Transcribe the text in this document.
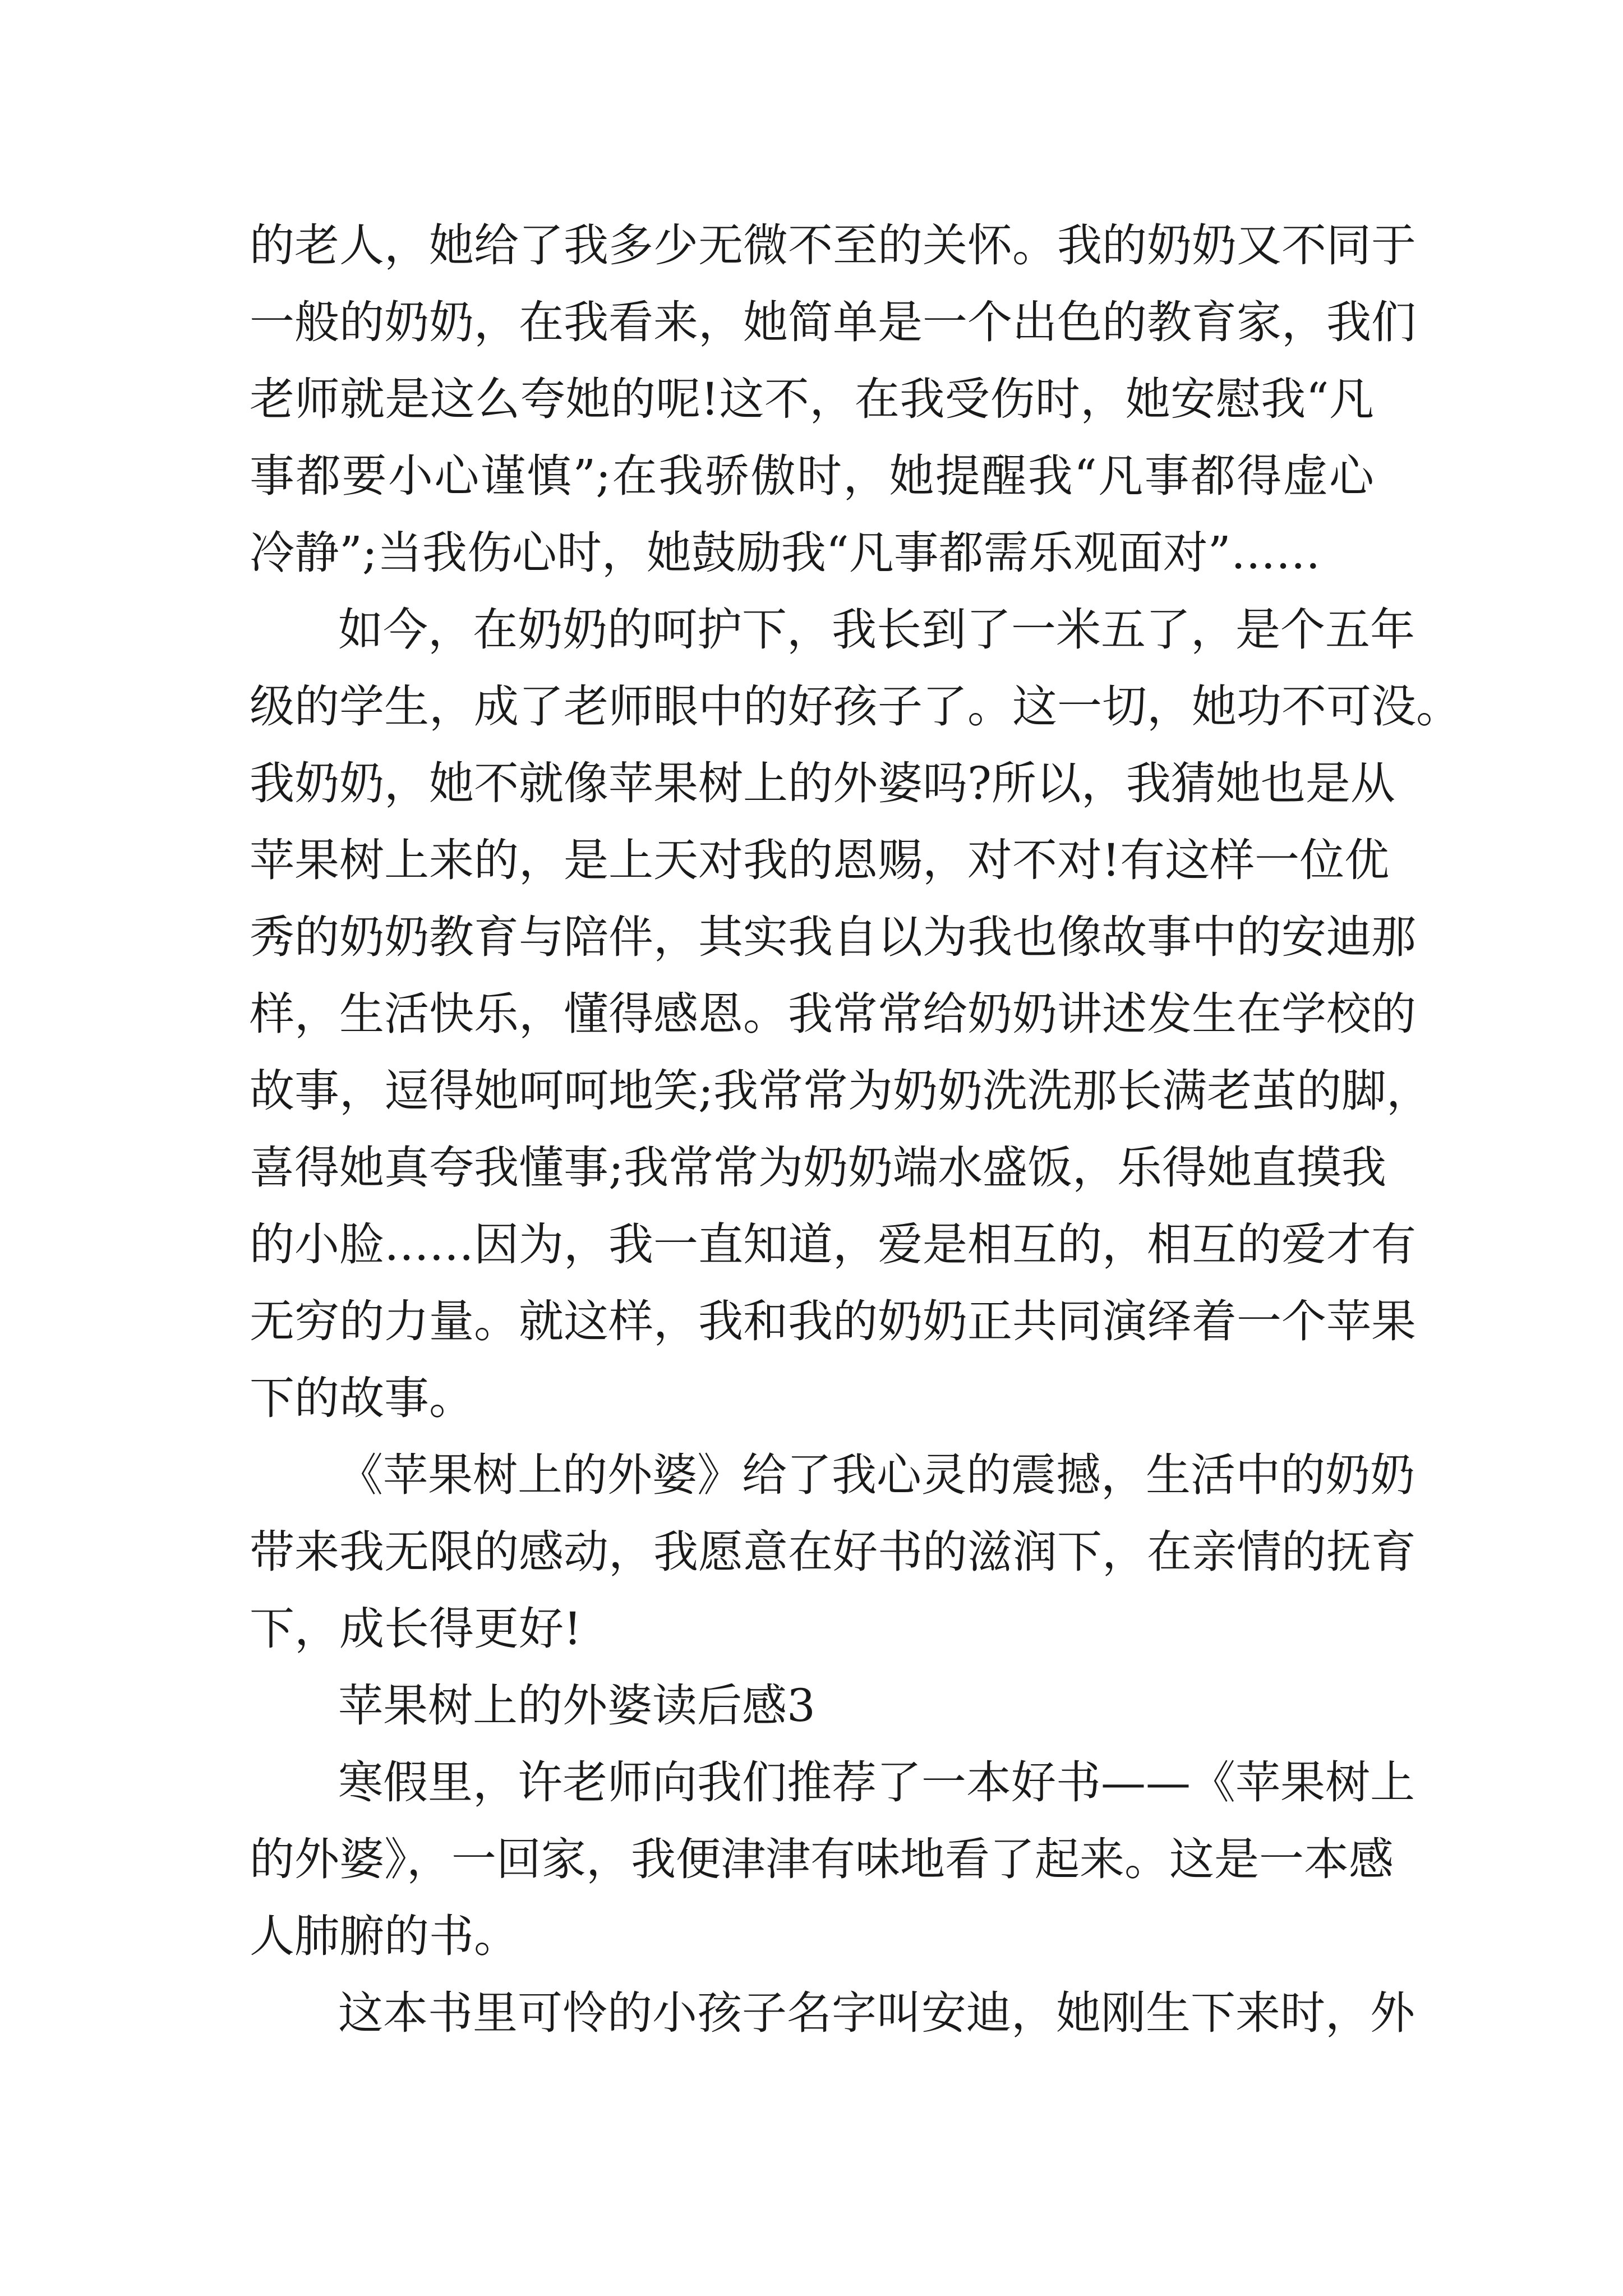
的老人，她给了我多少无微不至的关怀。我的奶奶又不同于
一般的奶奶，在我看来，她简单是一个出色的教育家，我们
老师就是这么夸她的呢!这不，在我受伤时，她安慰我“凡
事都要小心谨慎”;在我骄傲时，她提醒我“凡事都得虚心
冷静”;当我伤心时，她鼓励我“凡事都需乐观面对”……
如今，在奶奶的呵护下，我长到了一米五了，是个五年
级的学生，成了老师眼中的好孩子了。这一切，她功不可没。
我奶奶，她不就像苹果树上的外婆吗?所以，我猜她也是从
苹果树上来的，是上天对我的恩赐，对不对!有这样一位优
秀的奶奶教育与陪伴，其实我自以为我也像故事中的安迪那
样，生活快乐，懂得感恩。我常常给奶奶讲述发生在学校的
故事，逗得她呵呵地笑;我常常为奶奶洗洗那长满老茧的脚，
喜得她真夸我懂事;我常常为奶奶端水盛饭，乐得她直摸我
的小脸……因为，我一直知道，爱是相互的，相互的爱才有
无穷的力量。就这样，我和我的奶奶正共同演绎着一个苹果
下的故事。
《苹果树上的外婆》给了我心灵的震撼，生活中的奶奶
带来我无限的感动，我愿意在好书的滋润下，在亲情的抚育
下，成长得更好!
苹果树上的外婆读后感3
寒假里，许老师向我们推荐了一本好书——《苹果树上
的外婆》，一回家，我便津津有味地看了起来。这是一本感
人肺腑的书。
这本书里可怜的小孩子名字叫安迪，她刚生下来时，外
